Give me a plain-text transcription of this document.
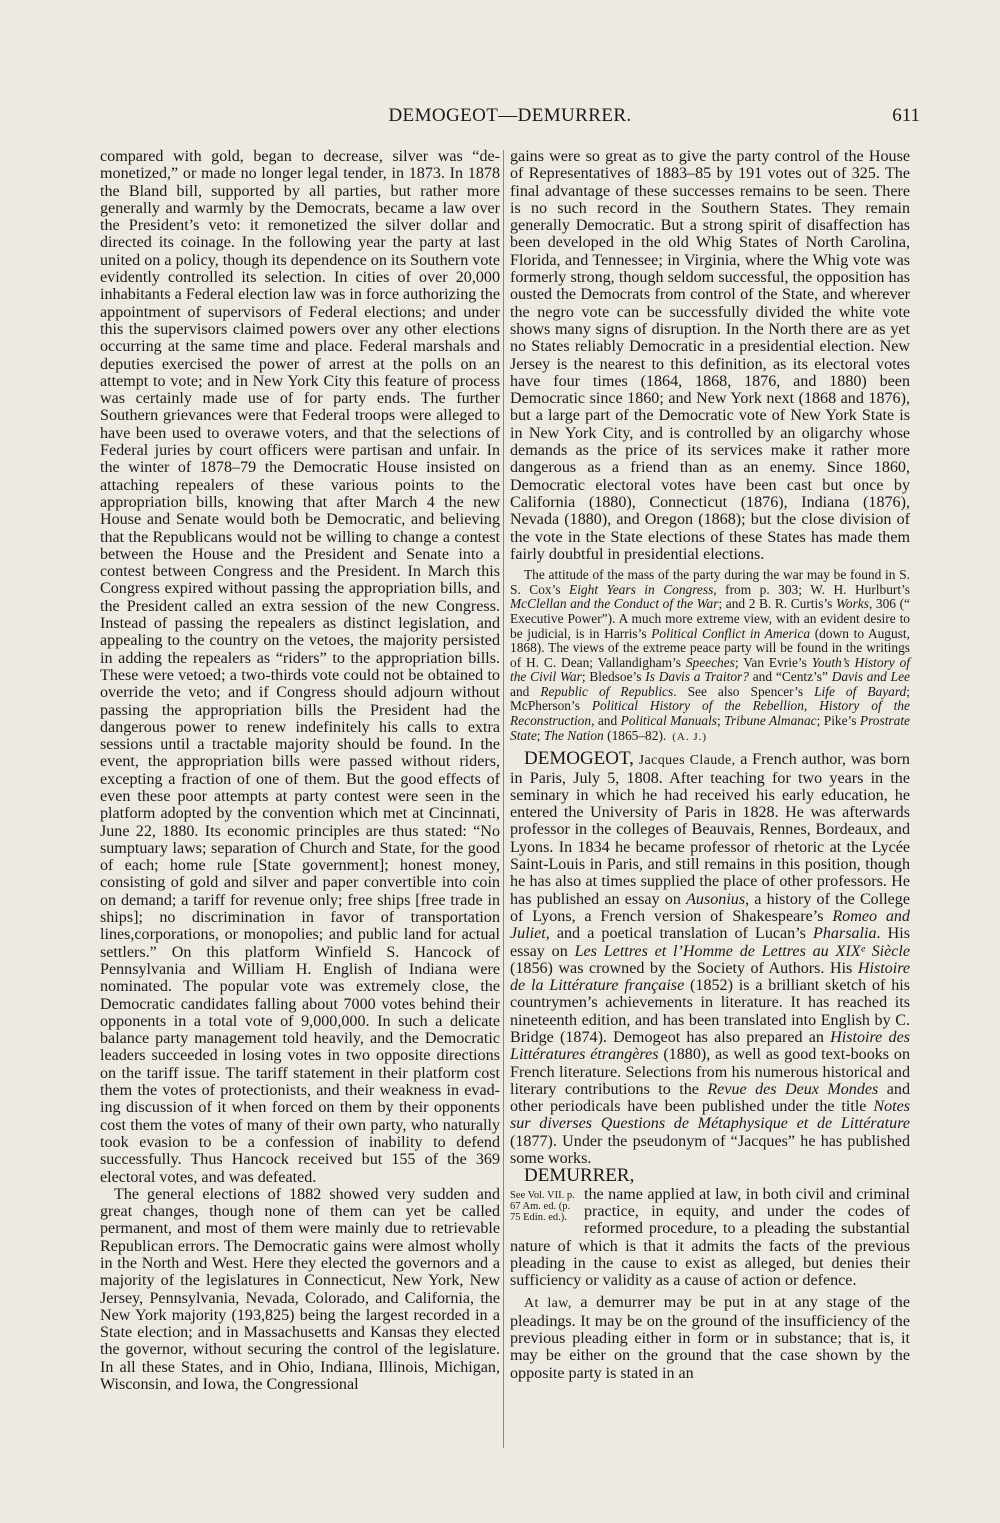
DEMOGEOT—DEMURRER.	611

compared with gold, began to decrease, silver was “demonetized,” or made no longer legal tender, in 1873. In 1878 the Bland bill, supported by all parties, but rather more generally and warmly by the Democrats, became a law over the President’s veto: it remonetized the silver dollar and directed its coinage. In the following year the party at last united on a policy, though its dependence on its Southern vote evidently controlled its selection. In cities of over 20,000 inhabitants a Federal election law was in force authorizing the appointment of supervisors of Federal elections; and under this the supervisors claimed powers over any other elections occurring at the same time and place. Federal marshals and deputies exercised the power of arrest at the polls on an attempt to vote; and in New York City this feature of process was certainly made use of for party ends. The further Southern grievances were that Federal troops were alleged to have been used to overawe voters, and that the selections of Federal juries by court officers were partisan and unfair. In the winter of 1878–79 the Democratic House insisted on attaching repealers of these various points to the appropriation bills, knowing that after March 4 the new House and Senate would both be Democratic, and believing that the Republicans would not be willing to change a contest between the House and the President and Senate into a contest between Congress and the President. In March this Congress expired without passing the appropriation bills, and the President called an extra session of the new Congress. Instead of passing the repealers as distinct legislation, and appealing to the country on the vetoes, the majority persisted in adding the repealers as “riders” to the appropriation bills. These were vetoed; a two-thirds vote could not be obtained to override the veto; and if Congress should adjourn without passing the appropriation bills the President had the dangerous power to renew indefinitely his calls to extra sessions until a tractable majority should be found. In the event, the appropriation bills were passed without riders, excepting a fraction of one of them. But the good effects of even these poor attempts at party contest were seen in the platform adopted by the convention which met at Cincinnati, June 22, 1880. Its economic principles are thus stated: “No sumptuary laws; separation of Church and State, for the good of each; home rule [State government]; honest money, consisting of gold and silver and paper convertible into coin on demand; a tariff for revenue only; free ships [free trade in ships]; no discrimination in favor of transportation lines,corporations, or monopolies; and public land for actual settlers.” On this platform Winfield S. Hancock of Pennsylvania and William H. English of Indiana were nominated. The popular vote was extremely close, the Democratic candidates falling about 7000 votes behind their opponents in a total vote of 9,000,000. In such a delicate balance party management told heavily, and the Democratic leaders succeeded in losing votes in two opposite directions on the tariff issue. The tariff statement in their platform cost them the votes of protectionists, and their weakness in evading discussion of it when forced on them by their opponents cost them the votes of many of their own party, who naturally took evasion to be a confession of inability to defend successfully. Thus Hancock received but 155 of the 369 electoral votes, and was defeated.

The general elections of 1882 showed very sudden and great changes, though none of them can yet be called permanent, and most of them were mainly due to retrievable Republican errors. The Democratic gains were almost wholly in the North and West. Here they elected the governors and a majority of the legislatures in Connecticut, New York, New Jersey, Pennsylvania, Nevada, Colorado, and California, the New York majority (193,825) being the largest recorded in a State election; and in Massachusetts and Kansas they elected the governor, without securing the control of the legislature. In all these States, and in Ohio, Indiana, Illinois, Michigan, Wisconsin, and Iowa, the Congressional

gains were so great as to give the party control of the House of Representatives of 1883–85 by 191 votes out of 325. The final advantage of these successes remains to be seen. There is no such record in the Southern States. They remain generally Democratic. But a strong spirit of disaffection has been developed in the old Whig States of North Carolina, Florida, and Tennessee; in Virginia, where the Whig vote was formerly strong, though seldom successful, the opposition has ousted the Democrats from control of the State, and wherever the negro vote can be successfully divided the white vote shows many signs of disruption. In the North there are as yet no States reliably Democratic in a presidential election. New Jersey is the nearest to this definition, as its electoral votes have four times (1864, 1868, 1876, and 1880) been Democratic since 1860; and New York next (1868 and 1876), but a large part of the Democratic vote of New York State is in New York City, and is controlled by an oligarchy whose demands as the price of its services make it rather more dangerous as a friend than as an enemy. Since 1860, Democratic electoral votes have been cast but once by California (1880), Connecticut (1876), Indiana (1876), Nevada (1880), and Oregon (1868); but the close division of the vote in the State elections of these States has made them fairly doubtful in presidential elections.

The attitude of the mass of the party during the war may be found in S. S. Cox’s Eight Years in Congress, from p. 303; W. H. Hurlburt’s McClellan and the Conduct of the War; and 2 B. R. Curtis’s Works, 306 (“ Executive Power”). A much more extreme view, with an evident desire to be judicial, is in Harris’s Political Conflict in America (down to August, 1868). The views of the extreme peace party will be found in the writings of H. C. Dean; Vallandigham’s Speeches; Van Evrie’s Youth’s History of the Civil War; Bledsoe’s Is Davis a Traitor? and “Centz’s” Davis and Lee and Republic of Republics. See also Spencer’s Life of Bayard; McPherson’s Political History of the Rebellion, History of the Reconstruction, and Political Manuals; Tribune Almanac; Pike’s Prostrate State; The Nation (1865–82). (A. J.)

DEMOGEOT, Jacques Claude, a French author, was born in Paris, July 5, 1808. After teaching for two years in the seminary in which he had received his early education, he entered the University of Paris in 1828. He was afterwards professor in the colleges of Beauvais, Rennes, Bordeaux, and Lyons. In 1834 he became professor of rhetoric at the Lycée Saint-Louis in Paris, and still remains in this position, though he has also at times supplied the place of other professors. He has published an essay on Ausonius, a history of the College of Lyons, a French version of Shakespeare’s Romeo and Juliet, and a poetical translation of Lucan’s Pharsalia. His essay on Les Lettres et l’Homme de Lettres au XIXᵉ Siècle (1856) was crowned by the Society of Authors. His Histoire de la Littérature française (1852) is a brilliant sketch of his countrymen’s achievements in literature. It has reached its nineteenth edition, and has been translated into English by C. Bridge (1874). Demogeot has also prepared an Histoire des Littératures étrangères (1880), as well as good text-books on French literature. Selections from his numerous historical and literary contributions to the Revue des Deux Mondes and other periodicals have been published under the title Notes sur diverses Questions de Métaphysique et de Littérature (1877). Under the pseudonym of “Jacques” he has published some works.

DEMURRER,

See Vol. VII. p. 67 Am. ed. (p. 75 Edin. ed.).

the name applied at law, in both civil and criminal practice, in equity, and under the codes of reformed procedure, to a pleading the substantial nature of which is that it admits the facts of the previous pleading in the cause to exist as alleged, but denies their sufficiency or validity as a cause of action or defence.

At law, a demurrer may be put in at any stage of the pleadings. It may be on the ground of the insufficiency of the previous pleading either in form or in substance; that is, it may be either on the ground that the case shown by the opposite party is stated in an
